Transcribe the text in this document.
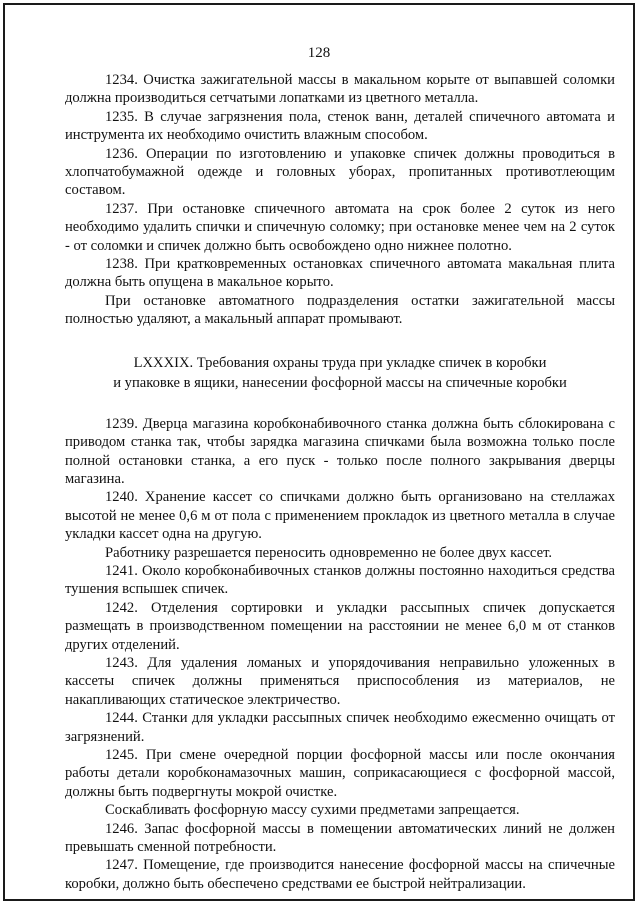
128

1234. Очистка зажигательной массы в макальном корыте от выпавшей соломки должна производиться сетчатыми лопатками из цветного металла.

1235. В случае загрязнения пола, стенок ванн, деталей спичечного автомата и инструмента их необходимо очистить влажным способом.

1236. Операции по изготовлению и упаковке спичек должны проводиться в хлопчатобумажной одежде и головных уборах, пропитанных противотлеющим составом.

1237. При остановке спичечного автомата на срок более 2 суток из него необходимо удалить спички и спичечную соломку; при остановке менее чем на 2 суток - от соломки и спичек должно быть освобождено одно нижнее полотно.

1238. При кратковременных остановках спичечного автомата макальная плита должна быть опущена в макальное корыто.

При остановке автоматного подразделения остатки зажигательной массы полностью удаляют, а макальный аппарат промывают.

LXXXIX. Требования охраны труда при укладке спичек в коробки
и упаковке в ящики, нанесении фосфорной массы на спичечные коробки

1239. Дверца магазина коробконабивочного станка должна быть сблокирована с приводом станка так, чтобы зарядка магазина спичками была возможна только после полной остановки станка, а его пуск - только после полного закрывания дверцы магазина.

1240. Хранение кассет со спичками должно быть организовано на стеллажах высотой не менее 0,6 м от пола с применением прокладок из цветного металла в случае укладки кассет одна на другую.

Работнику разрешается переносить одновременно не более двух кассет.

1241. Около коробконабивочных станков должны постоянно находиться средства тушения вспышек спичек.

1242. Отделения сортировки и укладки рассыпных спичек допускается размещать в производственном помещении на расстоянии не менее 6,0 м от станков других отделений.

1243. Для удаления ломаных и упорядочивания неправильно уложенных в кассеты спичек должны применяться приспособления из материалов, не накапливающих статическое электричество.

1244. Станки для укладки рассыпных спичек необходимо ежесменно очищать от загрязнений.

1245. При смене очередной порции фосфорной массы или после окончания работы детали коробконамазочных машин, соприкасающиеся с фосфорной массой, должны быть подвергнуты мокрой очистке.

Соскабливать фосфорную массу сухими предметами запрещается.

1246. Запас фосфорной массы в помещении автоматических линий не должен превышать сменной потребности.

1247. Помещение, где производится нанесение фосфорной массы на спичечные коробки, должно быть обеспечено средствами ее быстрой нейтрализации.
